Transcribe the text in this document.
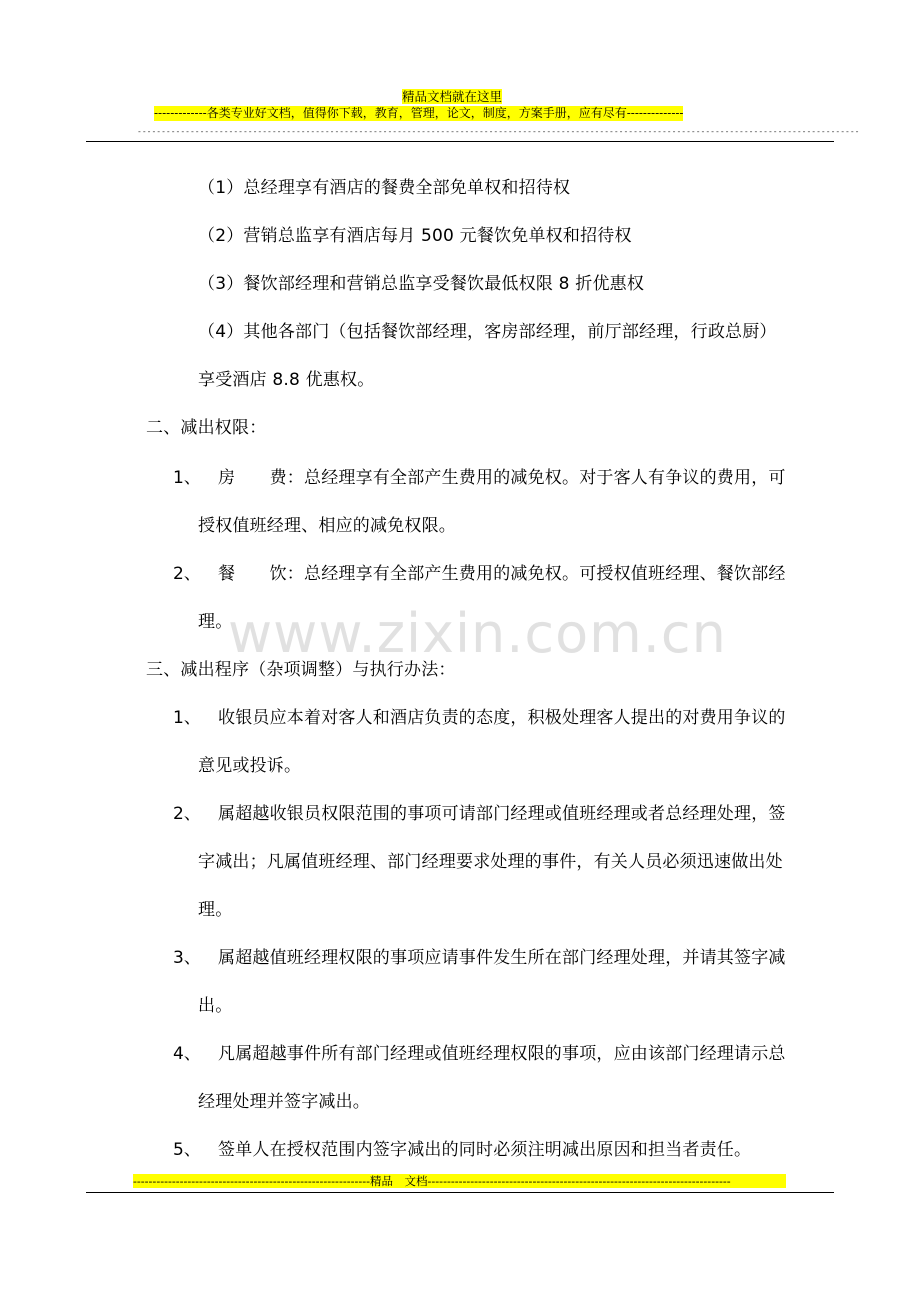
精品文档就在这里
-------------各类专业好文档，值得你下载，教育，管理，论文，制度，方案手册，应有尽有--------------
------------------------------------------------------------------------------------------------------------------------------------------------------
（1）总经理享有酒店的餐费全部免单权和招待权
（2）营销总监享有酒店每月 500 元餐饮免单权和招待权
（3）餐饮部经理和营销总监享受餐饮最低权限 8 折优惠权
（4）其他各部门（包括餐饮部经理，客房部经理，前厅部经理，行政总厨）
享受酒店 8.8 优惠权。
二、减出权限：
1、 房　　费：总经理享有全部产生费用的减免权。对于客人有争议的费用，可
授权值班经理、相应的减免权限。
2、 餐　　饮：总经理享有全部产生费用的减免权。可授权值班经理、餐饮部经
理。
www.zixin.com.cn
三、减出程序（杂项调整）与执行办法：
1、 收银员应本着对客人和酒店负责的态度，积极处理客人提出的对费用争议的
意见或投诉。
2、 属超越收银员权限范围的事项可请部门经理或值班经理或者总经理处理，签
字减出；凡属值班经理、部门经理要求处理的事件，有关人员必须迅速做出处
理。
3、 属超越值班经理权限的事项应请事件发生所在部门经理处理，并请其签字减
出。
4、 凡属超越事件所有部门经理或值班经理权限的事项，应由该部门经理请示总
经理处理并签字减出。
5、 签单人在授权范围内签字减出的同时必须注明减出原因和担当者责任。
-------------------------------------------------------------精品　文档------------------------------------------------------------------------------
